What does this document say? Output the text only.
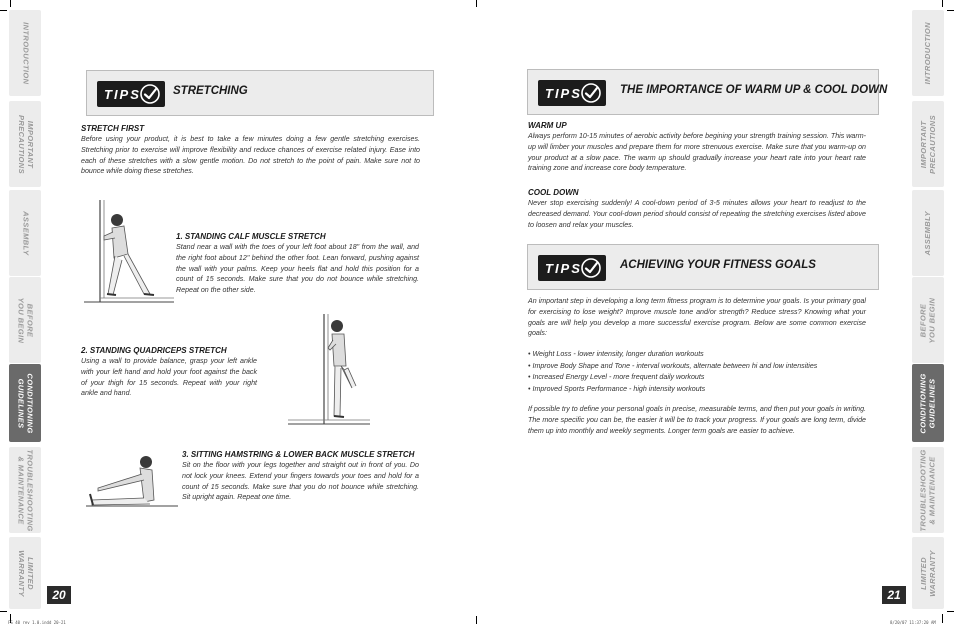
INTRODUCTION
IMPORTANT
PRECAUTIONS
ASSEMBLY
BEFORE
YOU BEGIN
CONDITIONING
GUIDELINES
TROUBLESHOOTING
& MAINTENANCE
LIMITED
WARRANTY	20
INTRODUCTION
IMPORTANT
PRECAUTIONS
ASSEMBLY
BEFORE
YOU BEGIN
CONDITIONING
GUIDELINES
TROUBLESHOOTING
& MAINTENANCE
LIMITED
WARRANTY
21
TIPS	STRETCHING
STRETCH FIRST
Before using your product, it is best to take a few minutes doing a few gentle stretching exercises. Stretching prior to exercise will improve flexibility and reduce chances of exercise related injury. Ease into each of these stretches with a slow gentle motion. Do not stretch to the point of pain. Make sure not to bounce while doing these stretches.
1. STANDING CALF MUSCLE STRETCH
Stand near a wall with the toes of your left foot about 18" from the wall, and the right foot about 12" behind the other foot. Lean forward, pushing against the wall with your palms. Keep your heels flat and hold this position for a count of 15 seconds. Make sure that you do not bounce while stretching. Repeat on the other side.
2. STANDING QUADRICEPS STRETCH
Using a wall to provide balance, grasp your left ankle with your left hand and hold your foot against the back of your thigh for 15 seconds. Repeat with your right ankle and hand.
3. SITTING HAMSTRING & LOWER BACK MUSCLE STRETCH
Sit on the floor with your legs together and straight out in front of you. Do not lock your knees. Extend your fingers towards your toes and hold for a count of 15 seconds. Make sure that you do not bounce while stretching. Sit upright again. Repeat one time.
TIPS	THE IMPORTANCE OF WARM UP & COOL DOWN
WARM UP
Always perform 10-15 minutes of aerobic activity before begining your strength training session. This warm-up will limber your muscles and prepare them for more strenuous exercise. Make sure that you warm-up on your product at a slow pace. The warm up should gradually increase your heart rate into your heart rate training zone and increase core body temperature.
COOL DOWN
Never stop exercising suddenly! A cool-down period of 3-5 minutes allows your heart to readjust to the decreased demand. Your cool-down period should consist of repeating the stretching exercises listed above to loosen and relax your muscles.
TIPS	ACHIEVING YOUR FITNESS GOALS
An important step in developing a long term fitness program is to determine your goals. Is your primary goal for exercising to lose weight? Improve muscle tone and/or strength? Reduce stress? Knowing what your goals are will help you develop a more successful exercise program. Below are some common exercise goals:
• Weight Loss - lower intensity, longer duration workouts
• Improve Body Shape and Tone - interval workouts, alternate between hi and low intensities
• Increased Energy Level - more frequent daily workouts
• Improved Sports Performance - high intensity workouts
If possible try to define your personal goals in precise, measurable terms, and then put your goals in writing. The more specific you can be, the easier it will be to track your progress. If your goals are long term, divide them up into monthly and weekly segments. Longer term goals are easier to achieve.
FS 40 rev 1.0.indd 20-21	8/20/07 11:37:20 AM
